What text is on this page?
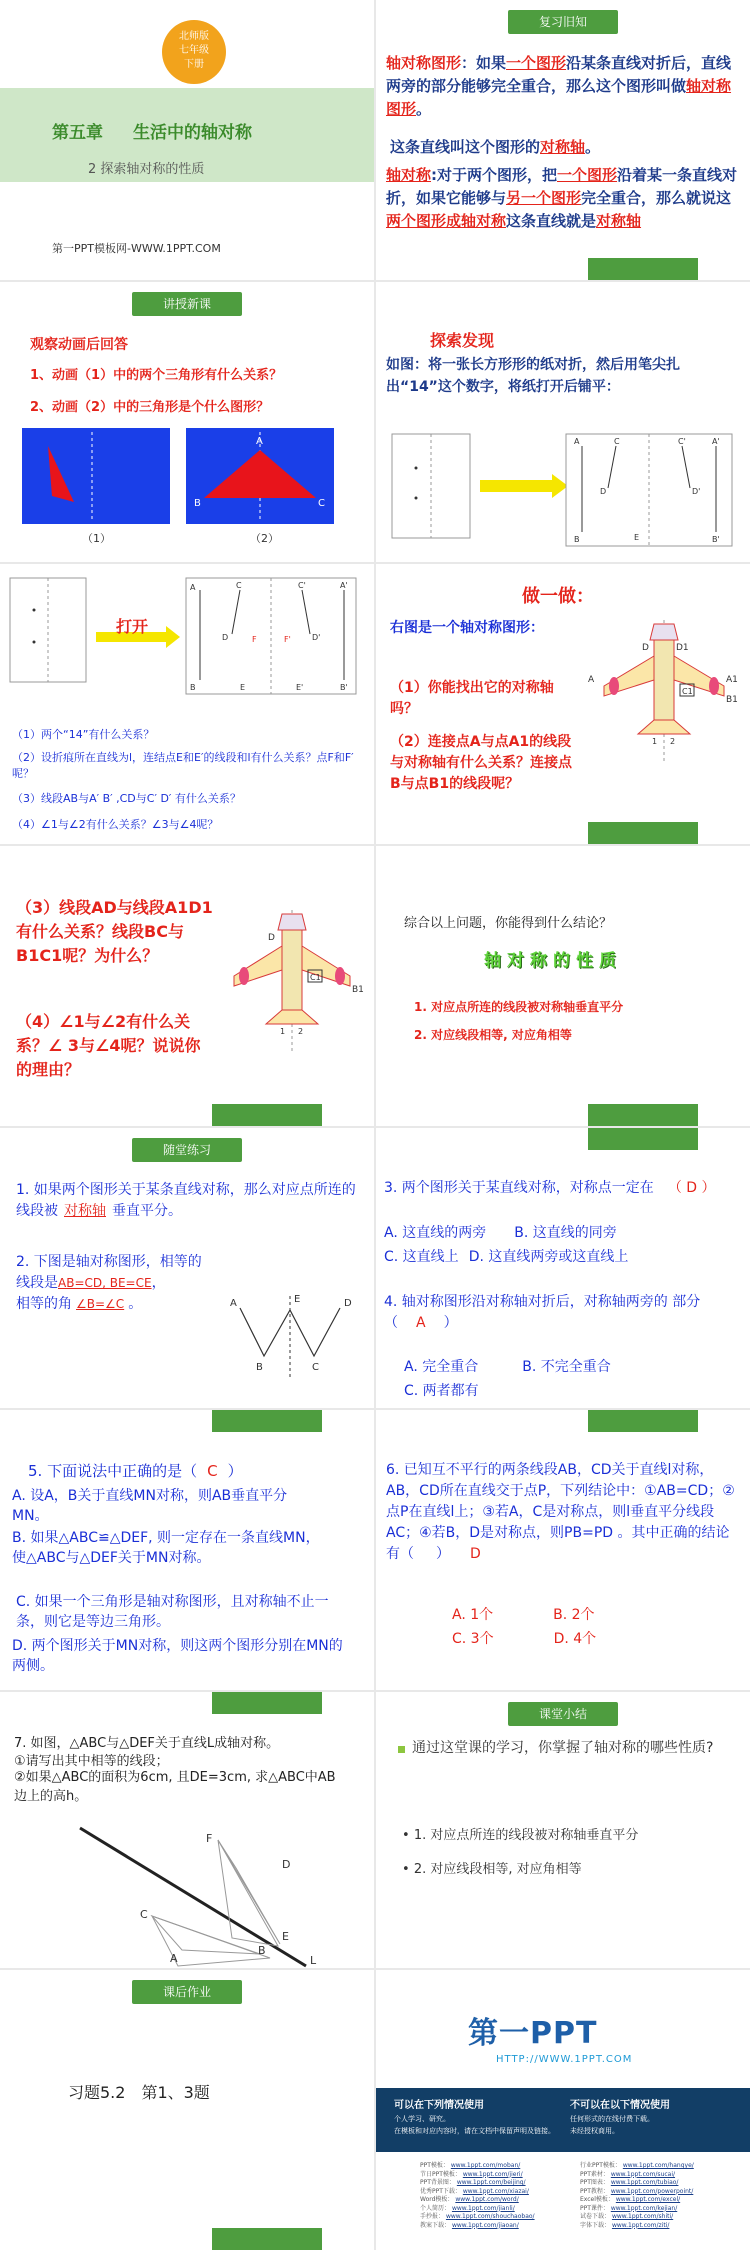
北师版
七年级
下册

第五章 生活中的轴对称

2 探索轴对称的性质

第一PPT模板网-WWW.1PPT.COM

复习旧知

轴对称图形：如果一个图形沿某条直线对折后，直线两旁的部分能够完全重合，那么这个图形叫做轴对称图形。

这条直线叫这个图形的对称轴。

轴对称:对于两个图形，把一个图形沿着某一条直线对折，如果它能够与另一个图形完全重合，那么就说这两个图形成轴对称这条直线就是对称轴

讲授新课

观察动画后回答

1、动画（1）中的两个三角形有什么关系？

2、动画（2）中的三角形是个什么图形？

（1）

B
A
C

（2）

探索发现

如图：将一张长方形形的纸对折，然后用笔尖扎出“14”这个数字，将纸打开后铺平：

A	C	C'	A'
D	D'
B	B'
E
A	C	C'	A'
D	D'
F	F'
B	E	E'	B'

打开

（1）两个“14”有什么关系？

（2）设折痕所在直线为l，连结点E和E′的线段和l有什么关系？点F和F′呢？

（3）线段AB与A′ B′ ,CD与C′ D′ 有什么关系？

（4）∠1与∠2有什么关系？∠3与∠4呢？

做一做：

右图是一个轴对称图形：

（1）你能找出它的对称轴吗？

（2）连接点A与点A1的线段与对称轴有什么关系？连接点B与点B1的线段呢？

A	A1
D	D1
B1
C1
1 2

（3）线段AD与线段A1D1有什么关系？线段BC与B1C1呢？为什么？

（4）∠1与∠2有什么关系？∠ 3与∠4呢？说说你的理由？

D
B1
C1
1 2

综合以上问题，你能得到什么结论？

轴对称的性质

1. 对应点所连的线段被对称轴垂直平分

2. 对应线段相等, 对应角相等

随堂练习

1. 如果两个图形关于某条直线对称，那么对应点所连的线段被 对称轴 垂直平分。

2. 下图是轴对称图形，相等的线段是AB=CD, BE=CE，
相等的角 ∠B=∠C 。	A
B
E
C
D

3. 两个图形关于某直线对称，对称点一定在 （ D ）

A. 这直线的两旁 B. 这直线的同旁

C. 这直线上 D. 这直线两旁或这直线上

4. 轴对称图形沿对称轴对折后，对称轴两旁的 部分（ A ）

A. 完全重合	B. 不完全重合

C. 两者都有

5. 下面说法中正确的是（ C ）

A. 设A，B关于直线MN对称，则AB垂直平分MN。

B. 如果△ABC≌△DEF, 则一定存在一条直线MN，使△ABC与△DEF关于MN对称。

C. 如果一个三角形是轴对称图形，且对称轴不止一条，则它是等边三角形。

D. 两个图形关于MN对称，则这两个图形分别在MN的两侧。

6. 已知互不平行的两条线段AB，CD关于直线l对称，AB，CD所在直线交于点P，下列结论中：①AB=CD；②点P在直线l上；③若A，C是对称点，则l垂直平分线段AC；④若B，D是对称点，则PB=PD 。其中正确的结论有（ ） D

A. 1个	B. 2个

C. 3个	D. 4个

7. 如图，△ABC与△DEF关于直线L成轴对称。

①请写出其中相等的线段；

②如果△ABC的面积为6cm, 且DE=3cm, 求△ABC中AB边上的高h。

F
D
C
E
A
B
L
课堂小结

通过这堂课的学习，你掌握了轴对称的哪些性质?

• 1. 对应点所连的线段被对称轴垂直平分

• 2. 对应线段相等, 对应角相等

课后作业

习题5.2　第1、3题

第一PPT

HTTP://WWW.1PPT.COM

可以在下列情况使用

个人学习、研究。

在模板和对应内容时，请在文档中保留声明及链接。

不可以在以下情况使用

任何形式的在线付费下载。

未经授权商用。

PPT模板： www.1ppt.com/moban/
节日PPT模板： www.1ppt.com/jieri/
PPT背景图： www.1ppt.com/beijing/
优秀PPT下载： www.1ppt.com/xiazai/
Word模板： www.1ppt.com/word/
个人简历： www.1ppt.com/jianli/
手抄报： www.1ppt.com/shouchaobao/
教案下载： www.1ppt.com/jiaoan/
行业PPT模板： www.1ppt.com/hangye/
PPT素材： www.1ppt.com/sucai/
PPT图表： www.1ppt.com/tubiao/
PPT教程： www.1ppt.com/powerpoint/
Excel模板： www.1ppt.com/excel/
PPT课件： www.1ppt.com/kejian/
试卷下载： www.1ppt.com/shiti/
字体下载： www.1ppt.com/ziti/
